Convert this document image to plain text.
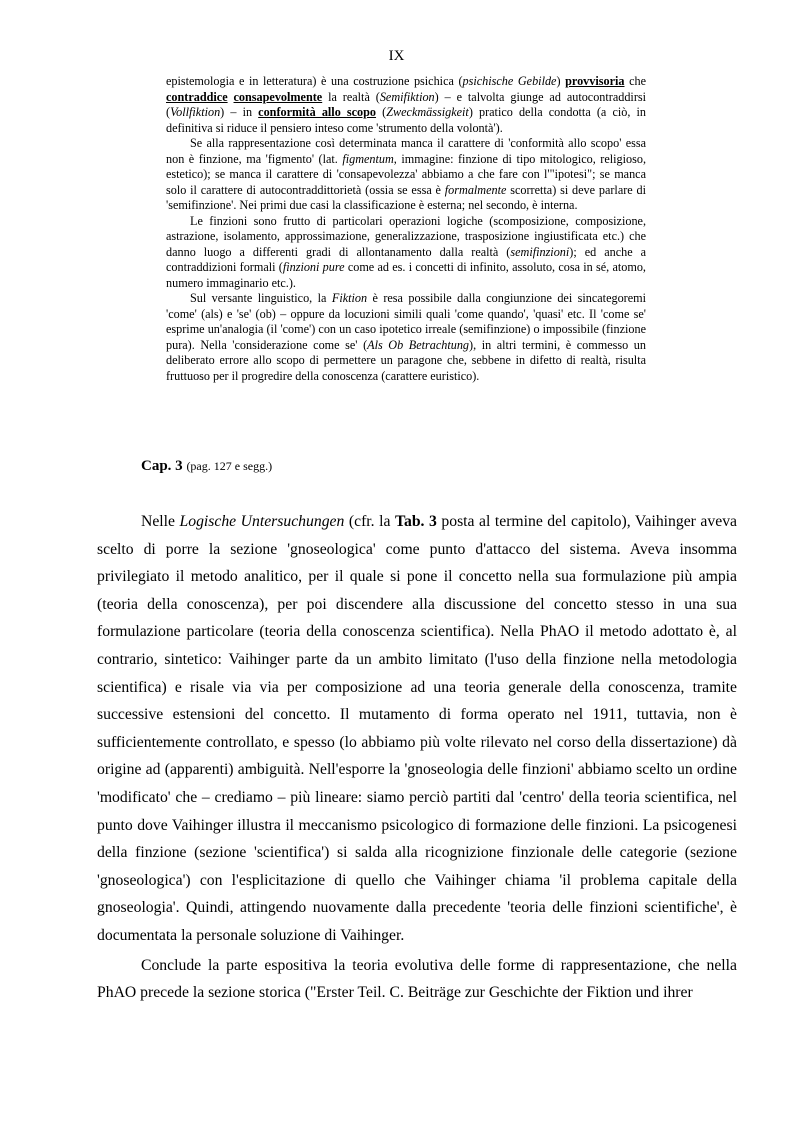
IX

epistemologia e in letteratura) è una costruzione psichica (psichische Gebilde) provvisoria che contraddice consapevolmente la realtà (Semifiktion) – e talvolta giunge ad autocontraddirsi (Vollfiktion) – in conformità allo scopo (Zweckmässigkeit) pratico della condotta (a ciò, in definitiva si riduce il pensiero inteso come 'strumento della volontà').

Se alla rappresentazione così determinata manca il carattere di 'conformità allo scopo' essa non è finzione, ma 'figmento' (lat. figmentum, immagine: finzione di tipo mitologico, religioso, estetico); se manca il carattere di 'consapevolezza' abbiamo a che fare con l'"ipotesi"; se manca solo il carattere di autocontraddittorietà (ossia se essa è formalmente scorretta) si deve parlare di 'semifinzione'. Nei primi due casi la classificazione è esterna; nel secondo, è interna.

Le finzioni sono frutto di particolari operazioni logiche (scomposizione, composizione, astrazione, isolamento, approssimazione, generalizzazione, trasposizione ingiustificata etc.) che danno luogo a differenti gradi di allontanamento dalla realtà (semifinzioni); ed anche a contraddizioni formali (finzioni pure come ad es. i concetti di infinito, assoluto, cosa in sé, atomo, numero immaginario etc.).

Sul versante linguistico, la Fiktion è resa possibile dalla congiunzione dei sincategoremi 'come' (als) e 'se' (ob) – oppure da locuzioni simili quali 'come quando', 'quasi' etc. Il 'come se' esprime un'analogia (il 'come') con un caso ipotetico irreale (semifinzione) o impossibile (finzione pura). Nella 'considerazione come se' (Als Ob Betrachtung), in altri termini, è commesso un deliberato errore allo scopo di permettere un paragone che, sebbene in difetto di realtà, risulta fruttuoso per il progredire della conoscenza (carattere euristico).

Cap. 3 (pag. 127 e segg.)

Nelle Logische Untersuchungen (cfr. la Tab. 3 posta al termine del capitolo), Vaihinger aveva scelto di porre la sezione 'gnoseologica' come punto d'attacco del sistema. Aveva insomma privilegiato il metodo analitico, per il quale si pone il concetto nella sua formulazione più ampia (teoria della conoscenza), per poi discendere alla discussione del concetto stesso in una sua formulazione particolare (teoria della conoscenza scientifica). Nella PhAO il metodo adottato è, al contrario, sintetico: Vaihinger parte da un ambito limitato (l'uso della finzione nella metodologia scientifica) e risale via via per composizione ad una teoria generale della conoscenza, tramite successive estensioni del concetto. Il mutamento di forma operato nel 1911, tuttavia, non è sufficientemente controllato, e spesso (lo abbiamo più volte rilevato nel corso della dissertazione) dà origine ad (apparenti) ambiguità. Nell'esporre la 'gnoseologia delle finzioni' abbiamo scelto un ordine 'modificato' che – crediamo – più lineare: siamo perciò partiti dal 'centro' della teoria scientifica, nel punto dove Vaihinger illustra il meccanismo psicologico di formazione delle finzioni. La psicogenesi della finzione (sezione 'scientifica') si salda alla ricognizione finzionale delle categorie (sezione 'gnoseologica') con l'esplicitazione di quello che Vaihinger chiama 'il problema capitale della gnoseologia'. Quindi, attingendo nuovamente dalla precedente 'teoria delle finzioni scientifiche', è documentata la personale soluzione di Vaihinger.

Conclude la parte espositiva la teoria evolutiva delle forme di rappresentazione, che nella PhAO precede la sezione storica ("Erster Teil. C. Beiträge zur Geschichte der Fiktion und ihrer
